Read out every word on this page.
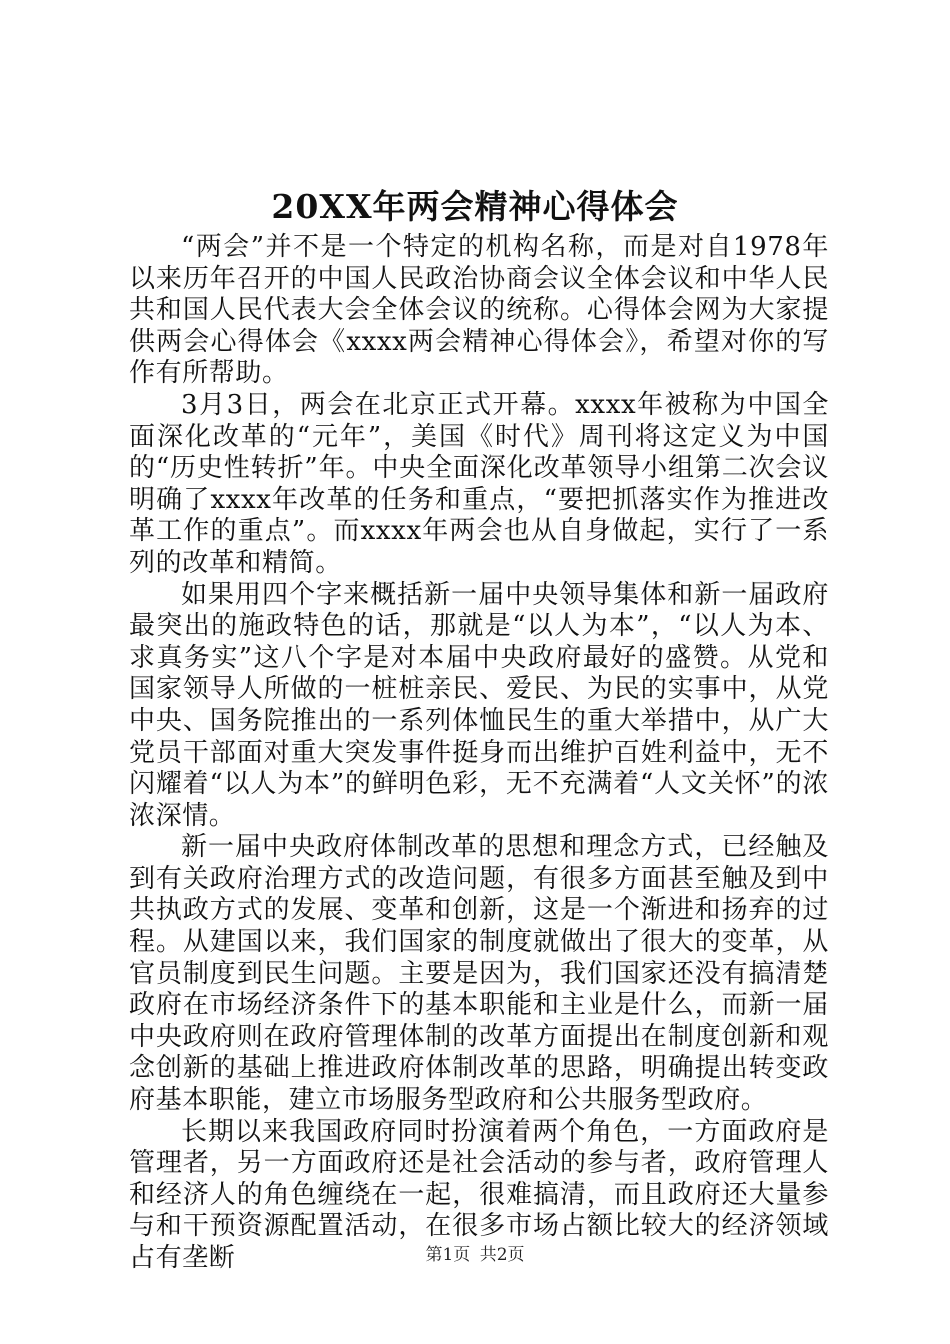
20XX年两会精神心得体会

“两会”并不是一个特定的机构名称，而是对自1978年以来历年召开的中国人民政治协商会议全体会议和中华人民共和国人民代表大会全体会议的统称。心得体会网为大家提供两会心得体会《xxxx两会精神心得体会》，希望对你的写作有所帮助。

3月3日，两会在北京正式开幕。xxxx年被称为中国全面深化改革的“元年”，美国《时代》周刊将这定义为中国的“历史性转折”年。中央全面深化改革领导小组第二次会议明确了xxxx年改革的任务和重点，“要把抓落实作为推进改革工作的重点”。而xxxx年两会也从自身做起，实行了一系列的改革和精简。

如果用四个字来概括新一届中央领导集体和新一届政府最突出的施政特色的话，那就是“以人为本”，“以人为本、求真务实”这八个字是对本届中央政府最好的盛赞。从党和国家领导人所做的一桩桩亲民、爱民、为民的实事中，从党中央、国务院推出的一系列体恤民生的重大举措中，从广大党员干部面对重大突发事件挺身而出维护百姓利益中，无不闪耀着“以人为本”的鲜明色彩，无不充满着“人文关怀”的浓浓深情。

新一届中央政府体制改革的思想和理念方式，已经触及到有关政府治理方式的改造问题，有很多方面甚至触及到中共执政方式的发展、变革和创新，这是一个渐进和扬弃的过程。从建国以来，我们国家的制度就做出了很大的变革，从官员制度到民生问题。主要是因为，我们国家还没有搞清楚政府在市场经济条件下的基本职能和主业是什么，而新一届中央政府则在政府管理体制的改革方面提出在制度创新和观念创新的基础上推进政府体制改革的思路，明确提出转变政府基本职能，建立市场服务型政府和公共服务型政府。

长期以来我国政府同时扮演着两个角色，一方面政府是管理者，另一方面政府还是社会活动的参与者，政府管理人和经济人的角色缠绕在一起，很难搞清，而且政府还大量参与和干预资源配置活动，在很多市场占额比较大的经济领域占有垄断	第1页 共2页
